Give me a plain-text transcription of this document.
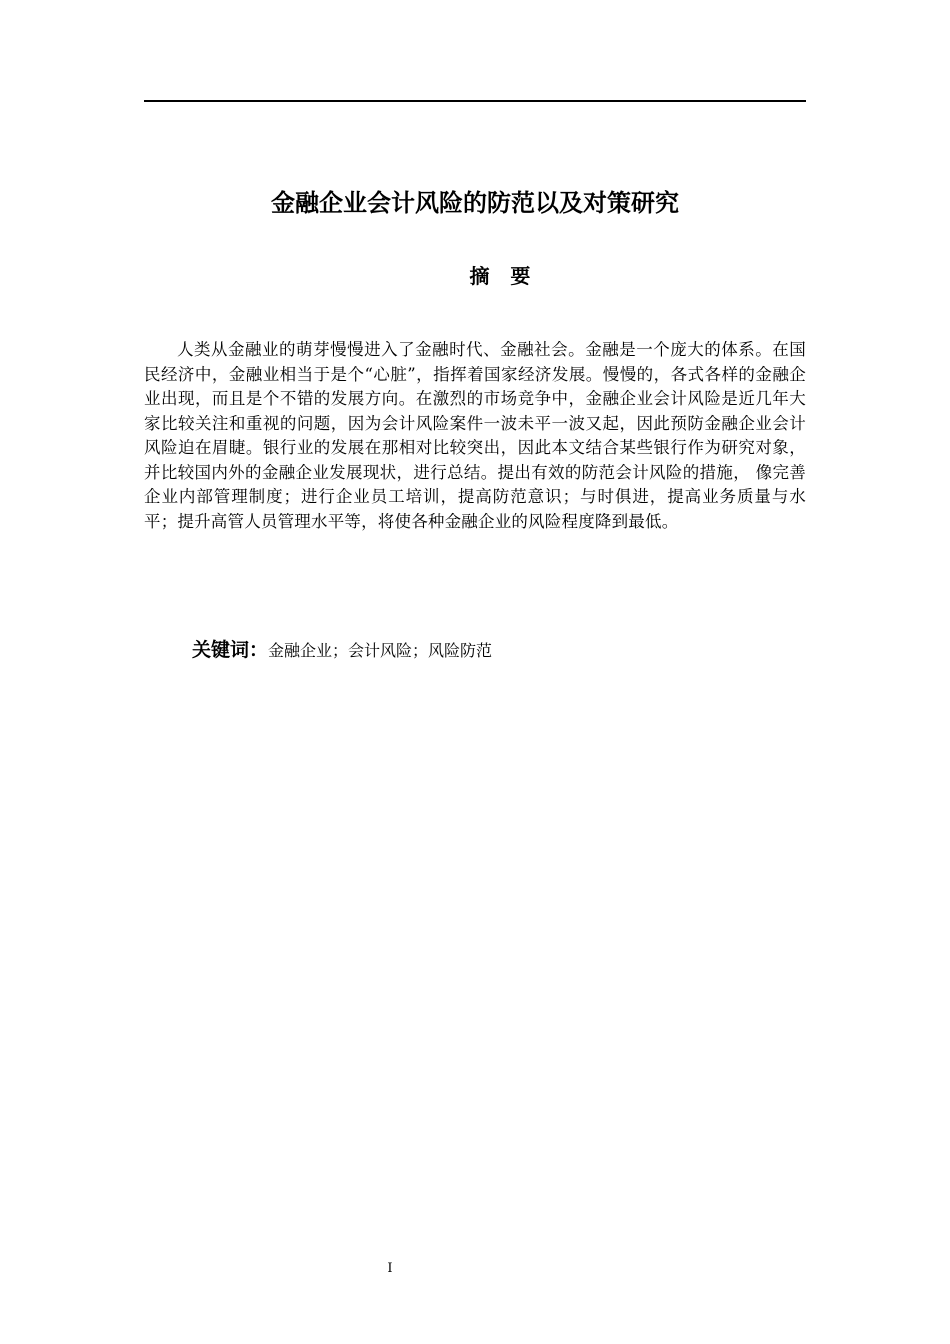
金融企业会计风险的防范以及对策研究
摘   要
人类从金融业的萌芽慢慢进入了金融时代、金融社会。金融是一个庞大的体系。在国民经济中，金融业相当于是个“心脏”，指挥着国家经济发展。慢慢的，各式各样的金融企业出现，而且是个不错的发展方向。在激烈的市场竞争中，金融企业会计风险是近几年大家比较关注和重视的问题，因为会计风险案件一波未平一波又起，因此预防金融企业会计风险迫在眉睫。银行业的发展在那相对比较突出，因此本文结合某些银行作为研究对象，并比较国内外的金融企业发展现状，进行总结。提出有效的防范会计风险的措施， 像完善企业内部管理制度；进行企业员工培训，提高防范意识；与时俱进，提高业务质量与水平；提升高管人员管理水平等，将使各种金融企业的风险程度降到最低。
关键词：金融企业；会计风险；风险防范
I
